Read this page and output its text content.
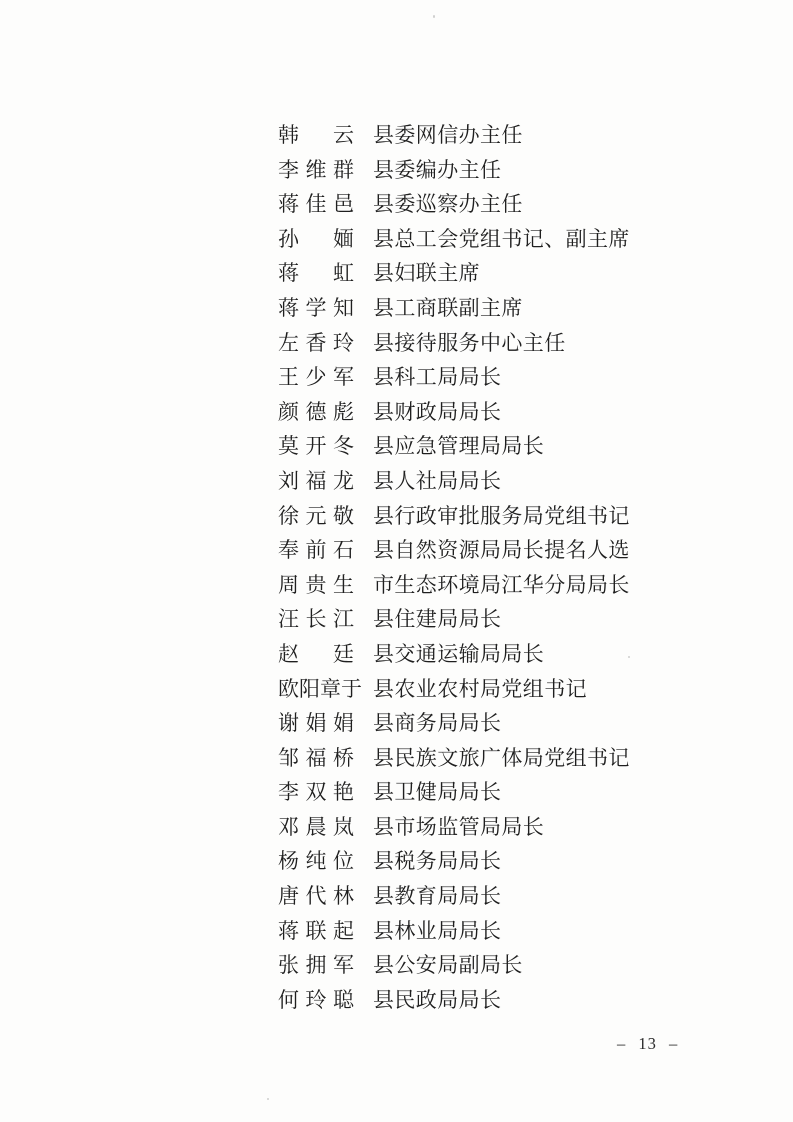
韩　云 县委网信办主任
李维群 县委编办主任
蒋佳邑 县委巡察办主任
孙　媔 县总工会党组书记、副主席
蒋　虹 县妇联主席
蒋学知 县工商联副主席
左香玲 县接待服务中心主任
王少军 县科工局局长
颜德彪 县财政局局长
莫开冬 县应急管理局局长
刘福龙 县人社局局长
徐元敬 县行政审批服务局党组书记
奉前石 县自然资源局局长提名人选
周贵生 市生态环境局江华分局局长
汪长江 县住建局局长
赵　廷 县交通运输局局长
欧阳章于 县农业农村局党组书记
谢娟娟 县商务局局长
邹福桥 县民族文旅广体局党组书记
李双艳 县卫健局局长
邓晨岚 县市场监管局局长
杨纯位 县税务局局长
唐代林 县教育局局长
蒋联起 县林业局局长
张拥军 县公安局副局长
何玲聪 县民政局局长
– 13 –
